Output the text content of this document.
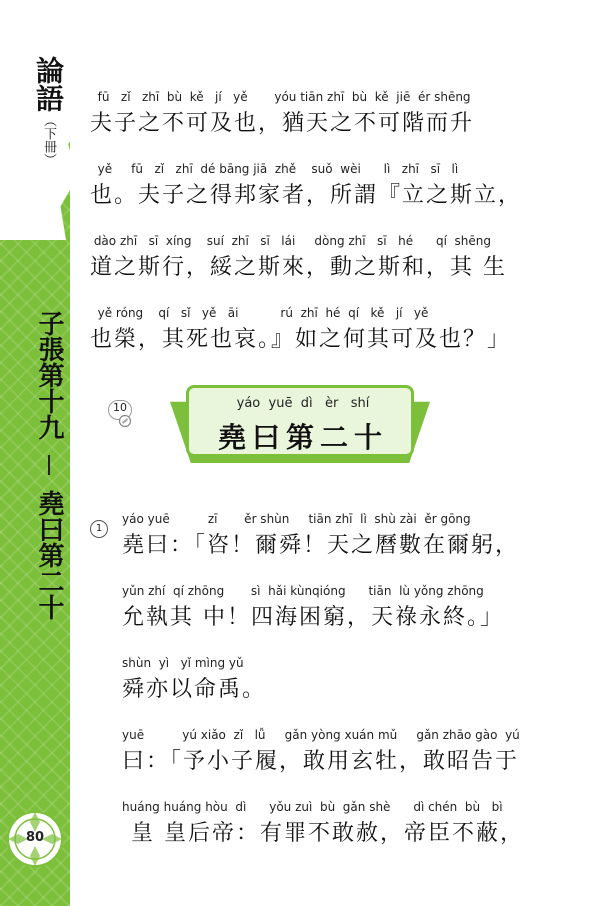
論語
（下冊）
子張第十九  堯曰第二十
80
fū   zǐ   zhī  bù  kě   jí   yě       yóu tiān zhī  bù  kě  jiē  ér shēng
夫子之不可及也，猶天之不可階而升
yě     fū   zǐ   zhī  dé bāng jiā  zhě    suǒ  wèi      lì   zhī   sī   lì
也。夫子之得邦家者，所謂『立之斯立，
dào zhī   sī  xíng    suí  zhī   sī   lái     dòng zhī   sī   hé      qí  shēng
道之斯行，綏之斯來，動之斯和，其 生
yě róng    qí   sǐ   yě   āi           rú  zhī  hé  qí   kě   jí   yě
也榮，其死也哀。』如之何其可及也？」
10	yáo  yuē  dì   èr   shí
堯曰第二十
1
yáo yuē          zī       ěr shùn     tiān zhī  lì  shù zài  ěr gōng
堯曰：「咨！爾舜！天之曆數在爾躬，
yǔn zhí  qí zhōng       sì  hǎi kùnqióng      tiān  lù yǒng zhōng
允執其 中！四海困窮，天祿永終。」
shùn  yì   yǐ mìng yǔ
舜亦以命禹。
yuē          yú xiǎo  zǐ   lǚ     gǎn yòng xuán mǔ     gǎn zhāo gào  yú
曰：「予小子履，敢用玄牡，敢昭告于
huáng huáng hòu  dì      yǒu zuì  bù  gǎn shè      dì chén  bù   bì
皇 皇后帝：有罪不敢赦，帝臣不蔽，
